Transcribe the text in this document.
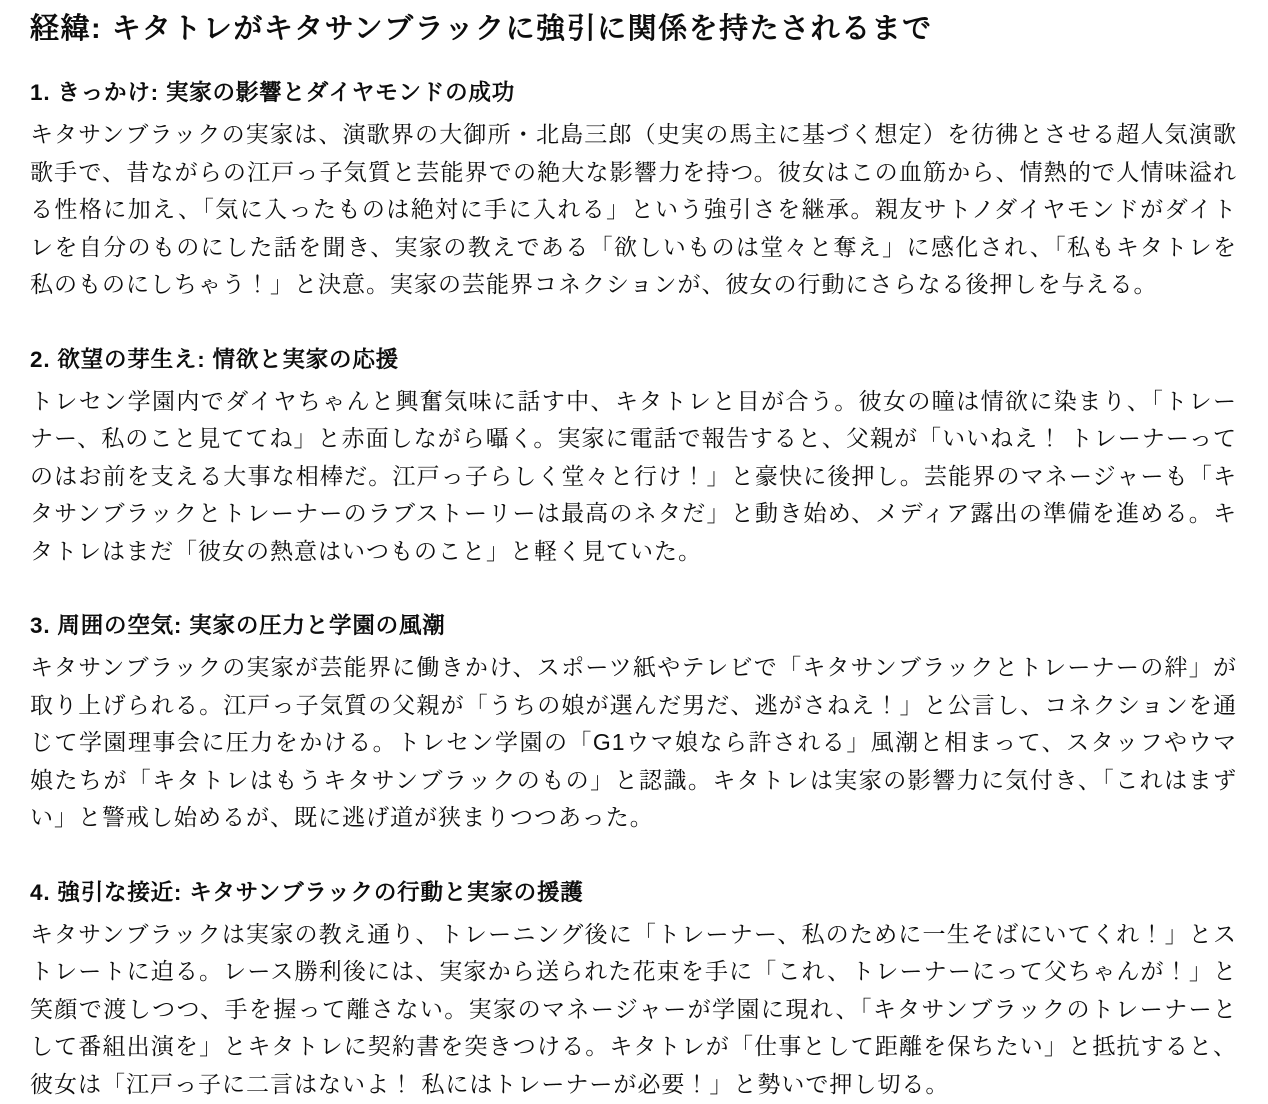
経緯: キタトレがキタサンブラックに強引に関係を持たされるまで
1. きっかけ: 実家の影響とダイヤモンドの成功

キタサンブラックの実家は、演歌界の大御所・北島三郎（史実の馬主に基づく想定）を彷彿とさせる超人気演歌歌手で、昔ながらの江戸っ子気質と芸能界での絶大な影響力を持つ。彼女はこの血筋から、情熱的で人情味溢れる性格に加え、「気に入ったものは絶対に手に入れる」という強引さを継承。親友サトノダイヤモンドがダイトレを自分のものにした話を聞き、実家の教えである「欲しいものは堂々と奪え」に感化され、「私もキタトレを私のものにしちゃう！」と決意。実家の芸能界コネクションが、彼女の行動にさらなる後押しを与える。

2. 欲望の芽生え: 情欲と実家の応援

トレセン学園内でダイヤちゃんと興奮気味に話す中、キタトレと目が合う。彼女の瞳は情欲に染まり、「トレーナー、私のこと見ててね」と赤面しながら囁く。実家に電話で報告すると、父親が「いいねえ！ トレーナーってのはお前を支える大事な相棒だ。江戸っ子らしく堂々と行け！」と豪快に後押し。芸能界のマネージャーも「キタサンブラックとトレーナーのラブストーリーは最高のネタだ」と動き始め、メディア露出の準備を進める。キタトレはまだ「彼女の熱意はいつものこと」と軽く見ていた。

3. 周囲の空気: 実家の圧力と学園の風潮

キタサンブラックの実家が芸能界に働きかけ、スポーツ紙やテレビで「キタサンブラックとトレーナーの絆」が取り上げられる。江戸っ子気質の父親が「うちの娘が選んだ男だ、逃がさねえ！」と公言し、コネクションを通じて学園理事会に圧力をかける。トレセン学園の「G1ウマ娘なら許される」風潮と相まって、スタッフやウマ娘たちが「キタトレはもうキタサンブラックのもの」と認識。キタトレは実家の影響力に気付き、「これはまずい」と警戒し始めるが、既に逃げ道が狭まりつつあった。

4. 強引な接近: キタサンブラックの行動と実家の援護

キタサンブラックは実家の教え通り、トレーニング後に「トレーナー、私のために一生そばにいてくれ！」とストレートに迫る。レース勝利後には、実家から送られた花束を手に「これ、トレーナーにって父ちゃんが！」と笑顔で渡しつつ、手を握って離さない。実家のマネージャーが学園に現れ、「キタサンブラックのトレーナーとして番組出演を」とキタトレに契約書を突きつける。キタトレが「仕事として距離を保ちたい」と抵抗すると、彼女は「江戸っ子に二言はないよ！ 私にはトレーナーが必要！」と勢いで押し切る。
